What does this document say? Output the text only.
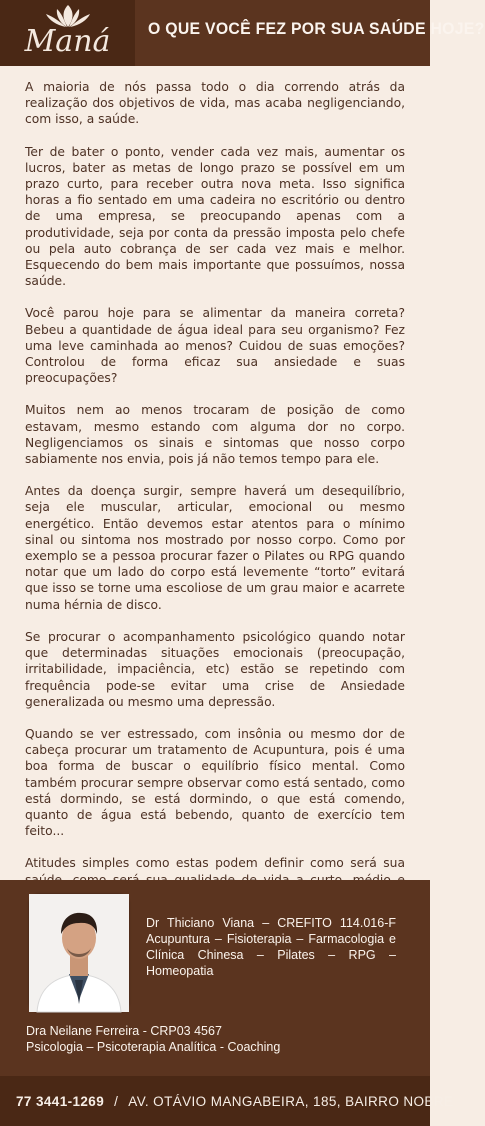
Maná	O QUE VOCÊ FEZ POR SUA SAÚDE HOJE?

A maioria de nós passa todo o dia correndo atrás da realização dos objetivos de vida, mas acaba negligenciando, com isso, a saúde.

Ter de bater o ponto, vender cada vez mais, aumentar os lucros, bater as metas de longo prazo se possível em um prazo curto, para receber outra nova meta. Isso significa horas a fio sentado em uma cadeira no escritório ou dentro de uma empresa, se preocupando apenas com a produtividade, seja por conta da pressão imposta pelo chefe ou pela auto cobrança de ser cada vez mais e melhor. Esquecendo do bem mais importante que possuímos, nossa saúde.

Você parou hoje para se alimentar da maneira correta? Bebeu a quantidade de água ideal para seu organismo? Fez uma leve caminhada ao menos? Cuidou de suas emoções? Controlou de forma eficaz sua ansiedade e suas preocupações?

Muitos nem ao menos trocaram de posição de como estavam, mesmo estando com alguma dor no corpo. Negligenciamos os sinais e sintomas que nosso corpo sabiamente nos envia, pois já não temos tempo para ele.

Antes da doença surgir, sempre haverá um desequilíbrio, seja ele muscular, articular, emocional ou mesmo energético. Então devemos estar atentos para o mínimo sinal ou sintoma nos mostrado por nosso corpo. Como por exemplo se a pessoa procurar fazer o Pilates ou RPG quando notar que um lado do corpo está levemente “torto” evitará que isso se torne uma escoliose de um grau maior e acarrete numa hérnia de disco.

Se procurar o acompanhamento psicológico quando notar que determinadas situações emocionais (preocupação, irritabilidade, impaciência, etc) estão se repetindo com frequência pode-se evitar uma crise de Ansiedade generalizada ou mesmo uma depressão.

Quando se ver estressado, com insônia ou mesmo dor de cabeça procurar um tratamento de Acupuntura, pois é uma boa forma de buscar o equilíbrio físico mental. Como também procurar sempre observar como está sentado, como está dormindo, se está dormindo, o que está comendo, quanto de água está bebendo, quanto de exercício tem feito...

Atitudes simples como estas podem definir como será sua

Dr Thiciano Viana – CREFITO 114.016-F Acupuntura – Fisioterapia – Farmacologia e Clínica Chinesa – Pilates – RPG – Homeopatia
Dra Neilane Ferreira - CRP03 4567
Psicologia – Psicoterapia Analítica - Coaching
77 3441-1269 / AV. OTÁVIO MANGABEIRA, 185, BAIRRO NOBRE
